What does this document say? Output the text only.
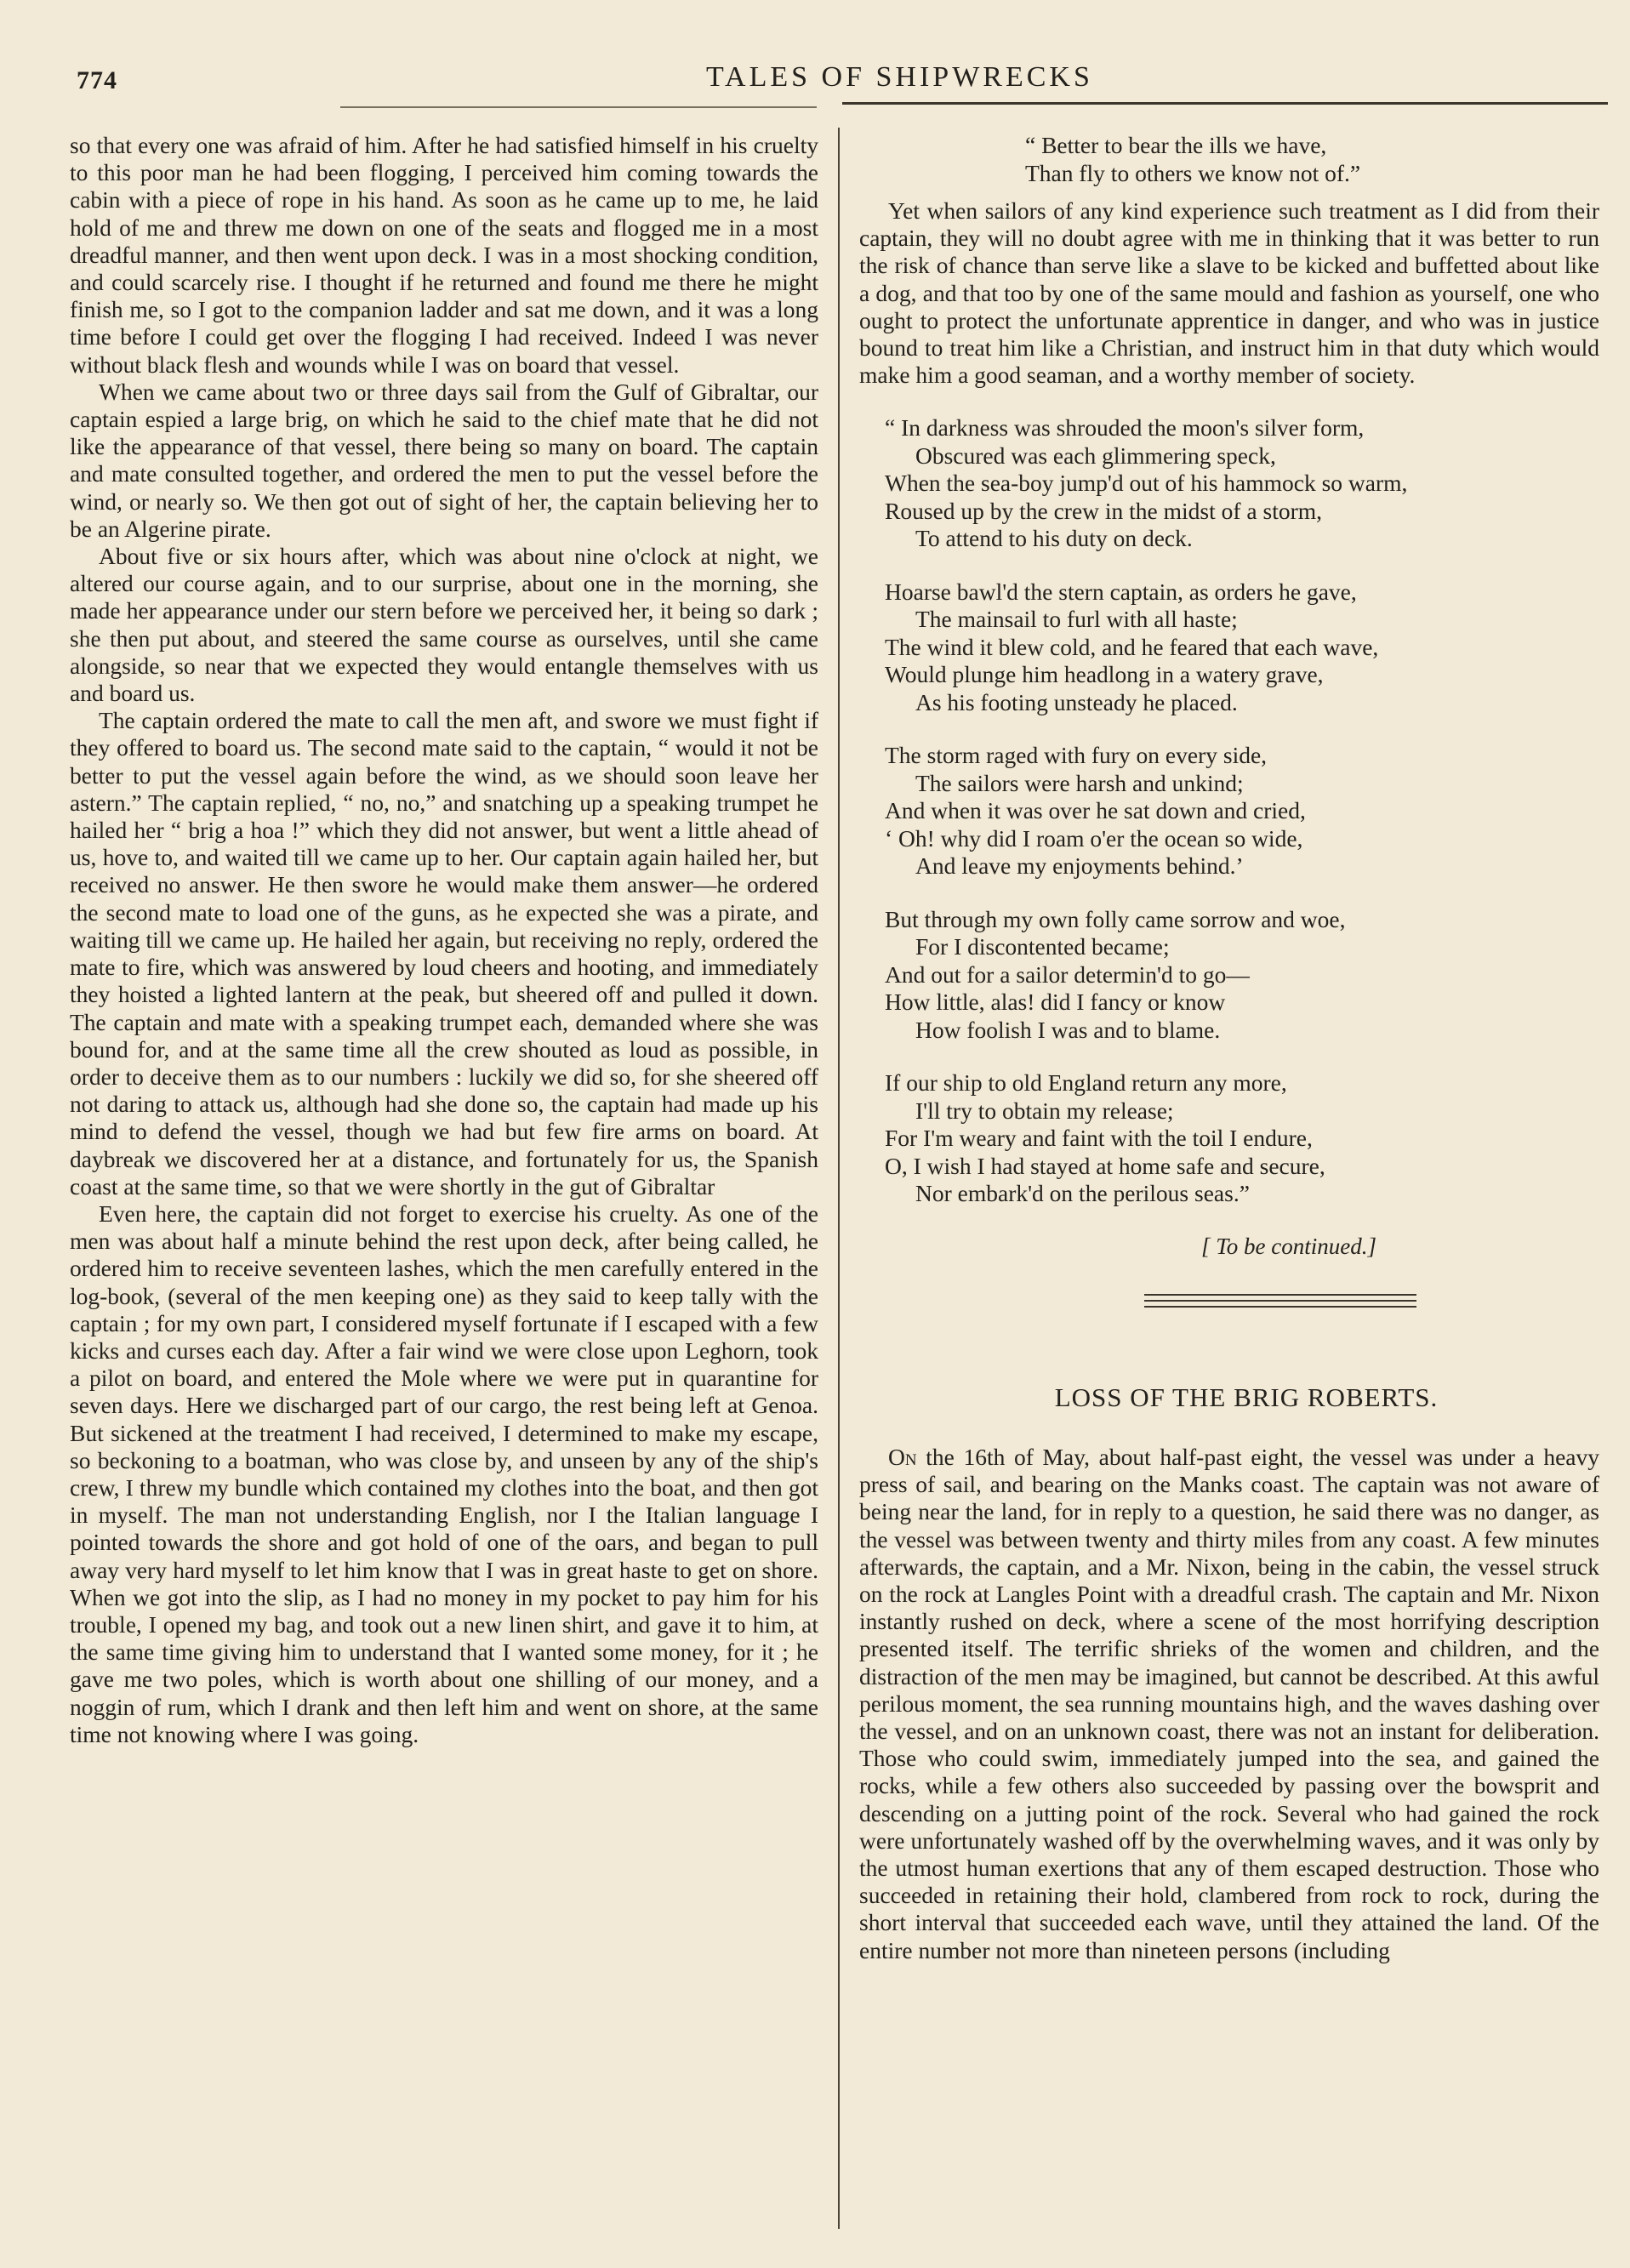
774	TALES OF SHIPWRECKS

so that every one was afraid of him. After he had satisfied himself in his cruelty to this poor man he had been flogging, I perceived him coming towards the cabin with a piece of rope in his hand. As soon as he came up to me, he laid hold of me and threw me down on one of the seats and flogged me in a most dreadful manner, and then went upon deck. I was in a most shocking condition, and could scarcely rise. I thought if he returned and found me there he might finish me, so I got to the companion ladder and sat me down, and it was a long time before I could get over the flogging I had received. Indeed I was never without black flesh and wounds while I was on board that vessel.

When we came about two or three days sail from the Gulf of Gibraltar, our captain espied a large brig, on which he said to the chief mate that he did not like the appearance of that vessel, there being so many on board. The captain and mate consulted together, and ordered the men to put the vessel before the wind, or nearly so. We then got out of sight of her, the captain believing her to be an Algerine pirate.

About five or six hours after, which was about nine o'clock at night, we altered our course again, and to our surprise, about one in the morning, she made her appearance under our stern before we perceived her, it being so dark ; she then put about, and steered the same course as ourselves, until she came alongside, so near that we expected they would entangle themselves with us and board us.

The captain ordered the mate to call the men aft, and swore we must fight if they offered to board us. The second mate said to the captain, “ would it not be better to put the vessel again before the wind, as we should soon leave her astern.” The captain replied, “ no, no,” and snatching up a speaking trumpet he hailed her “ brig a hoa !” which they did not answer, but went a little ahead of us, hove to, and waited till we came up to her. Our captain again hailed her, but received no answer. He then swore he would make them answer—he ordered the second mate to load one of the guns, as he expected she was a pirate, and waiting till we came up. He hailed her again, but receiving no reply, ordered the mate to fire, which was answered by loud cheers and hooting, and immediately they hoisted a lighted lantern at the peak, but sheered off and pulled it down. The captain and mate with a speaking trumpet each, demanded where she was bound for, and at the same time all the crew shouted as loud as possible, in order to deceive them as to our numbers : luckily we did so, for she sheered off not daring to attack us, although had she done so, the captain had made up his mind to defend the vessel, though we had but few fire arms on board. At daybreak we discovered her at a distance, and fortunately for us, the Spanish coast at the same time, so that we were shortly in the gut of Gibraltar

Even here, the captain did not forget to exercise his cruelty. As one of the men was about half a minute behind the rest upon deck, after being called, he ordered him to receive seventeen lashes, which the men carefully entered in the log-book, (several of the men keeping one) as they said to keep tally with the captain ; for my own part, I considered myself fortunate if I escaped with a few kicks and curses each day. After a fair wind we were close upon Leghorn, took a pilot on board, and entered the Mole where we were put in quarantine for seven days. Here we discharged part of our cargo, the rest being left at Genoa. But sickened at the treatment I had received, I determined to make my escape, so beckoning to a boatman, who was close by, and unseen by any of the ship's crew, I threw my bundle which contained my clothes into the boat, and then got in myself. The man not understanding English, nor I the Italian language I pointed towards the shore and got hold of one of the oars, and began to pull away very hard myself to let him know that I was in great haste to get on shore. When we got into the slip, as I had no money in my pocket to pay him for his trouble, I opened my bag, and took out a new linen shirt, and gave it to him, at the same time giving him to understand that I wanted some money, for it ; he gave me two poles, which is worth about one shilling of our money, and a noggin of rum, which I drank and then left him and went on shore, at the same time not knowing where I was going.

“ Better to bear the ills we have,
Than fly to others we know not of.”

Yet when sailors of any kind experience such treatment as I did from their captain, they will no doubt agree with me in thinking that it was better to run the risk of chance than serve like a slave to be kicked and buffetted about like a dog, and that too by one of the same mould and fashion as yourself, one who ought to protect the unfortunate apprentice in danger, and who was in justice bound to treat him like a Christian, and instruct him in that duty which would make him a good seaman, and a worthy member of society.

“ In darkness was shrouded the moon's silver form,
Obscured was each glimmering speck,
When the sea-boy jump'd out of his hammock so warm,
Roused up by the crew in the midst of a storm,
To attend to his duty on deck.
Hoarse bawl'd the stern captain, as orders he gave,
The mainsail to furl with all haste;
The wind it blew cold, and he feared that each wave,
Would plunge him headlong in a watery grave,
As his footing unsteady he placed.
The storm raged with fury on every side,
The sailors were harsh and unkind;
And when it was over he sat down and cried,
‘ Oh! why did I roam o'er the ocean so wide,
And leave my enjoyments behind.’
But through my own folly came sorrow and woe,
For I discontented became;
And out for a sailor determin'd to go—
How little, alas! did I fancy or know
How foolish I was and to blame.
If our ship to old England return any more,
I'll try to obtain my release;
For I'm weary and faint with the toil I endure,
O, I wish I had stayed at home safe and secure,
Nor embark'd on the perilous seas.”
[ To be continued.]
LOSS OF THE BRIG ROBERTS.

On the 16th of May, about half-past eight, the vessel was under a heavy press of sail, and bearing on the Manks coast. The captain was not aware of being near the land, for in reply to a question, he said there was no danger, as the vessel was between twenty and thirty miles from any coast. A few minutes afterwards, the captain, and a Mr. Nixon, being in the cabin, the vessel struck on the rock at Langles Point with a dreadful crash. The captain and Mr. Nixon instantly rushed on deck, where a scene of the most horrifying description presented itself. The terrific shrieks of the women and children, and the distraction of the men may be imagined, but cannot be described. At this awful perilous moment, the sea running mountains high, and the waves dashing over the vessel, and on an unknown coast, there was not an instant for deliberation. Those who could swim, immediately jumped into the sea, and gained the rocks, while a few others also succeeded by passing over the bowsprit and descending on a jutting point of the rock. Several who had gained the rock were unfortunately washed off by the overwhelming waves, and it was only by the utmost human exertions that any of them escaped destruction. Those who succeeded in retaining their hold, clambered from rock to rock, during the short interval that succeeded each wave, until they attained the land. Of the entire number not more than nineteen persons (including
